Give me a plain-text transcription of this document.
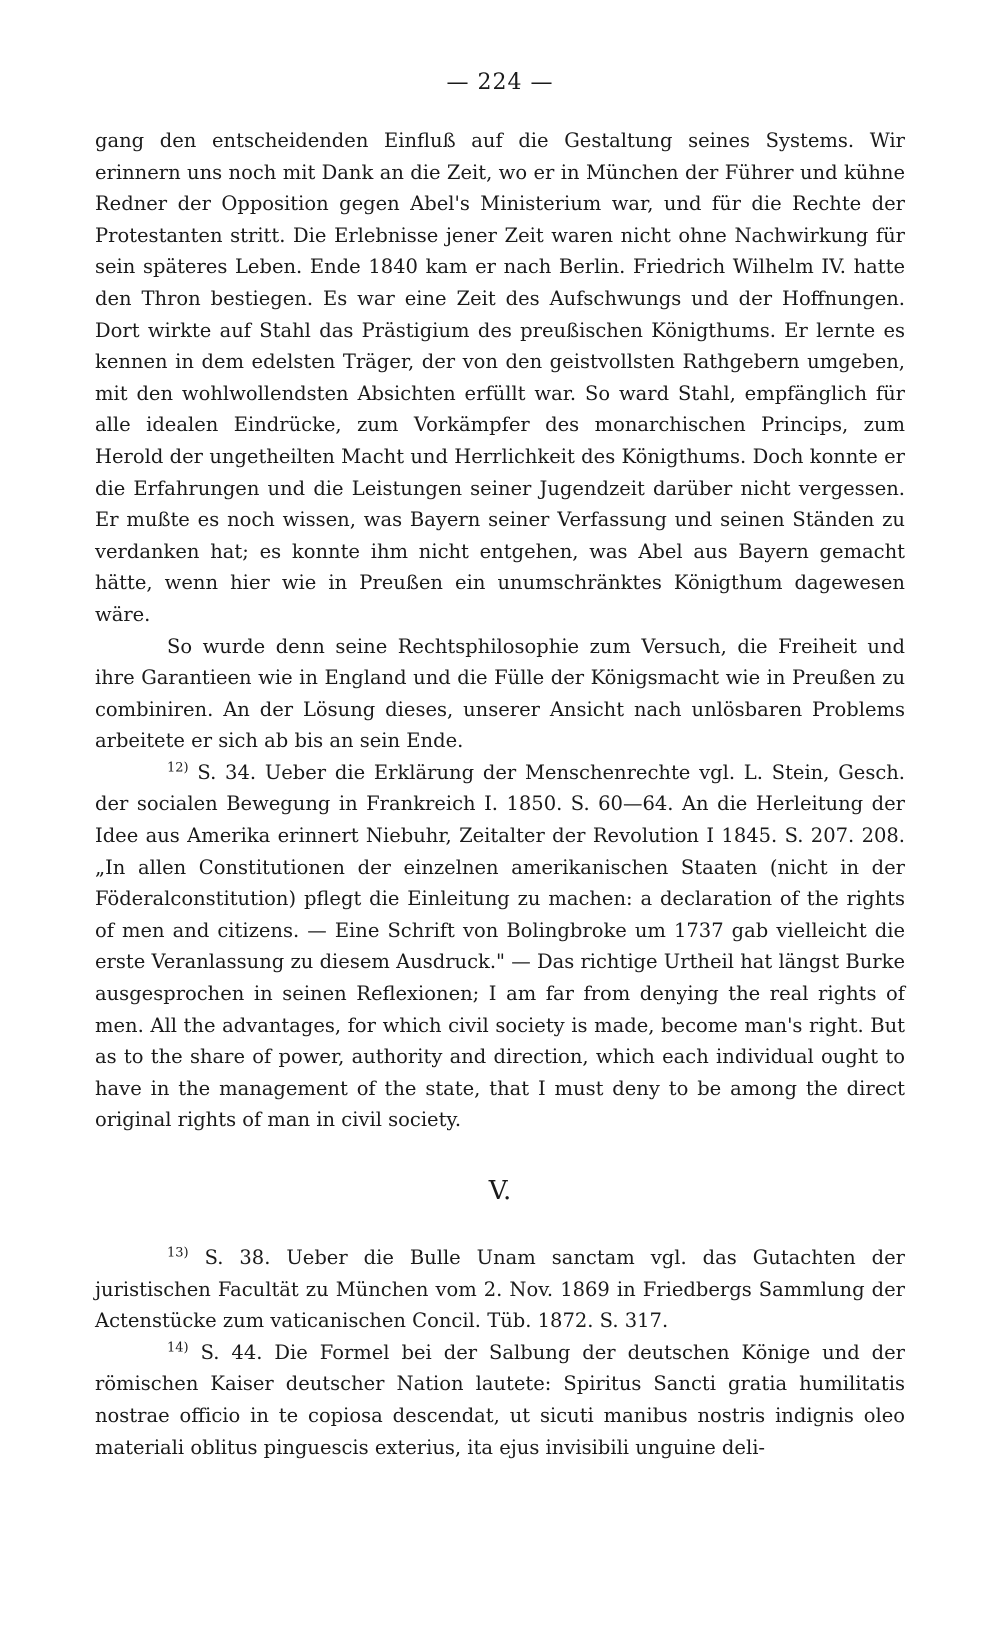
— 224 —

gang den entscheidenden Einfluß auf die Gestaltung seines Systems. Wir erinnern uns noch mit Dank an die Zeit, wo er in München der Führer und kühne Redner der Opposition gegen Abel's Ministerium war, und für die Rechte der Protestanten stritt. Die Erlebnisse jener Zeit waren nicht ohne Nachwirkung für sein späteres Leben. Ende 1840 kam er nach Berlin. Friedrich Wilhelm IV. hatte den Thron bestiegen. Es war eine Zeit des Aufschwungs und der Hoffnungen. Dort wirkte auf Stahl das Prästigium des preußischen Königthums. Er lernte es kennen in dem edelsten Träger, der von den geistvollsten Rathgebern umgeben, mit den wohlwollendsten Absichten erfüllt war. So ward Stahl, empfänglich für alle idealen Eindrücke, zum Vorkämpfer des monarchischen Princips, zum Herold der ungetheilten Macht und Herrlichkeit des Königthums. Doch konnte er die Erfahrungen und die Leistungen seiner Jugendzeit darüber nicht vergessen. Er mußte es noch wissen, was Bayern seiner Verfassung und seinen Ständen zu verdanken hat; es konnte ihm nicht entgehen, was Abel aus Bayern gemacht hätte, wenn hier wie in Preußen ein unumschränktes Königthum dagewesen wäre.

So wurde denn seine Rechtsphilosophie zum Versuch, die Freiheit und ihre Garantieen wie in England und die Fülle der Königsmacht wie in Preußen zu combiniren. An der Lösung dieses, unserer Ansicht nach unlösbaren Problems arbeitete er sich ab bis an sein Ende.

$^{12)}$ S. 34. Ueber die Erklärung der Menschenrechte vgl. L. Stein, Gesch. der socialen Bewegung in Frankreich I. 1850. S. 60—64. An die Herleitung der Idee aus Amerika erinnert Niebuhr, Zeitalter der Revolution I 1845. S. 207. 208. „In allen Constitutionen der einzelnen amerikanischen Staaten (nicht in der Föderalconstitution) pflegt die Einleitung zu machen: a declaration of the rights of men and citizens. — Eine Schrift von Bolingbroke um 1737 gab vielleicht die erste Veranlassung zu diesem Ausdruck." — Das richtige Urtheil hat längst Burke ausgesprochen in seinen Reflexionen; I am far from denying the real rights of men. All the advantages, for which civil society is made, become man's right. But as to the share of power, authority and direction, which each individual ought to have in the management of the state, that I must deny to be among the direct original rights of man in civil society.

V.

$^{13)}$ S. 38. Ueber die Bulle Unam sanctam vgl. das Gutachten der juristischen Facultät zu München vom 2. Nov. 1869 in Friedbergs Sammlung der Actenstücke zum vaticanischen Concil. Tüb. 1872. S. 317.

$^{14)}$ S. 44. Die Formel bei der Salbung der deutschen Könige und der römischen Kaiser deutscher Nation lautete: Spiritus Sancti gratia humilitatis nostrae officio in te copiosa descendat, ut sicuti manibus nostris indignis oleo materiali oblitus pinguescis exterius, ita ejus invisibili unguine deli-
